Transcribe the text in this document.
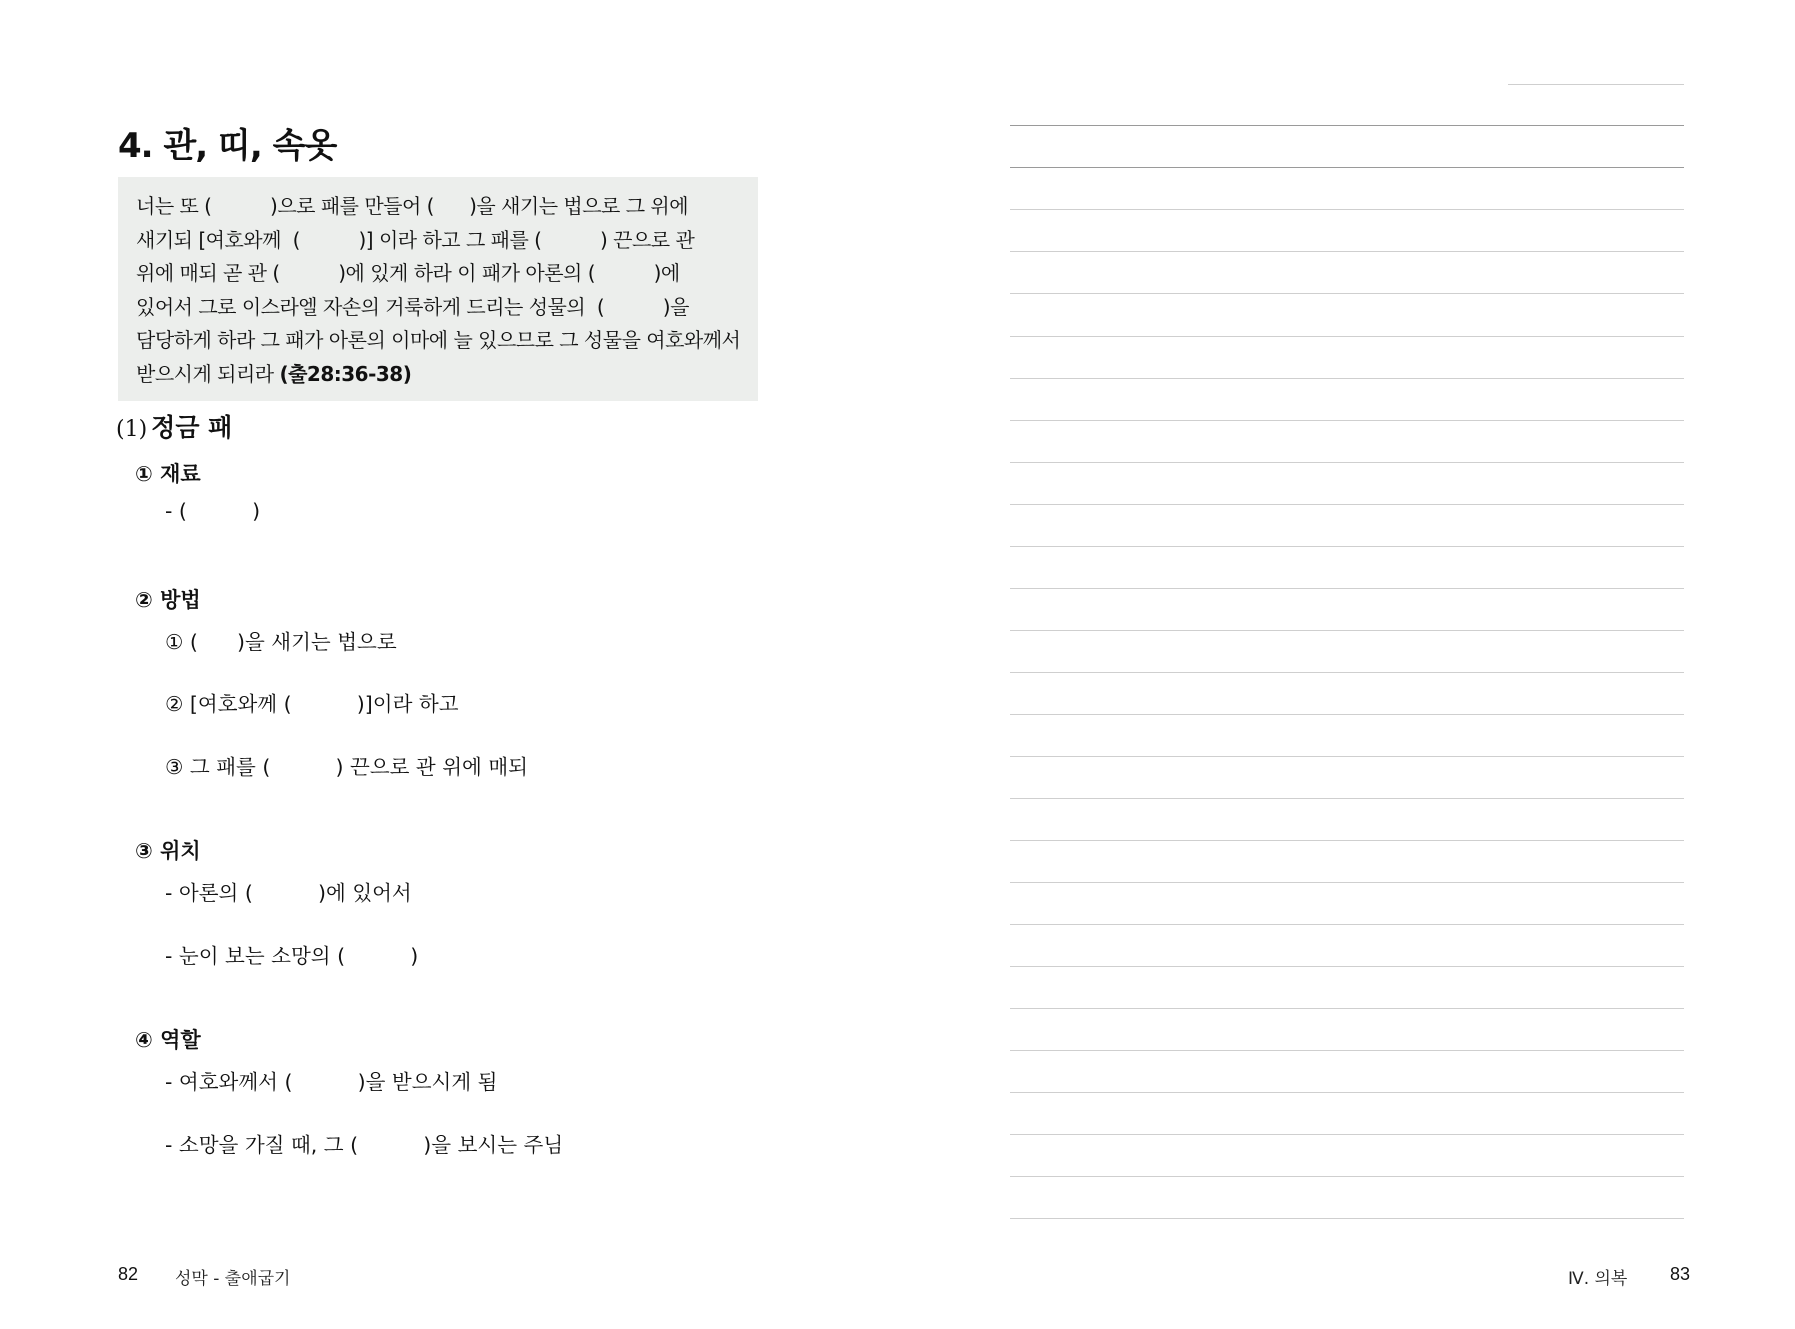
4. 관, 띠, 속옷
너는 또 (          )으로 패를 만들어 (      )을 새기는 법으로 그 위에
새기되 [여호와께  (          )] 이라 하고 그 패를 (          ) 끈으로 관
위에 매되 곧 관 (          )에 있게 하라 이 패가 아론의 (          )에
있어서 그로 이스라엘 자손의 거룩하게 드리는 성물의  (          )을
담당하게 하라 그 패가 아론의 이마에 늘 있으므로 그 성물을 여호와께서
받으시게 되리라 (출28:36-38)
(1) 정금 패
① 재료
- (          )
② 방법
① (      )을 새기는 법으로
② [여호와께 (          )]이라 하고
③ 그 패를 (          ) 끈으로 관 위에 매되
③ 위치
- 아론의 (          )에 있어서
- 눈이 보는 소망의 (          )
④ 역할
- 여호와께서 (          )을 받으시게 됨
- 소망을 가질 때, 그 (          )을 보시는 주님
82 성막 - 출애굽기	Ⅳ. 의복 83
